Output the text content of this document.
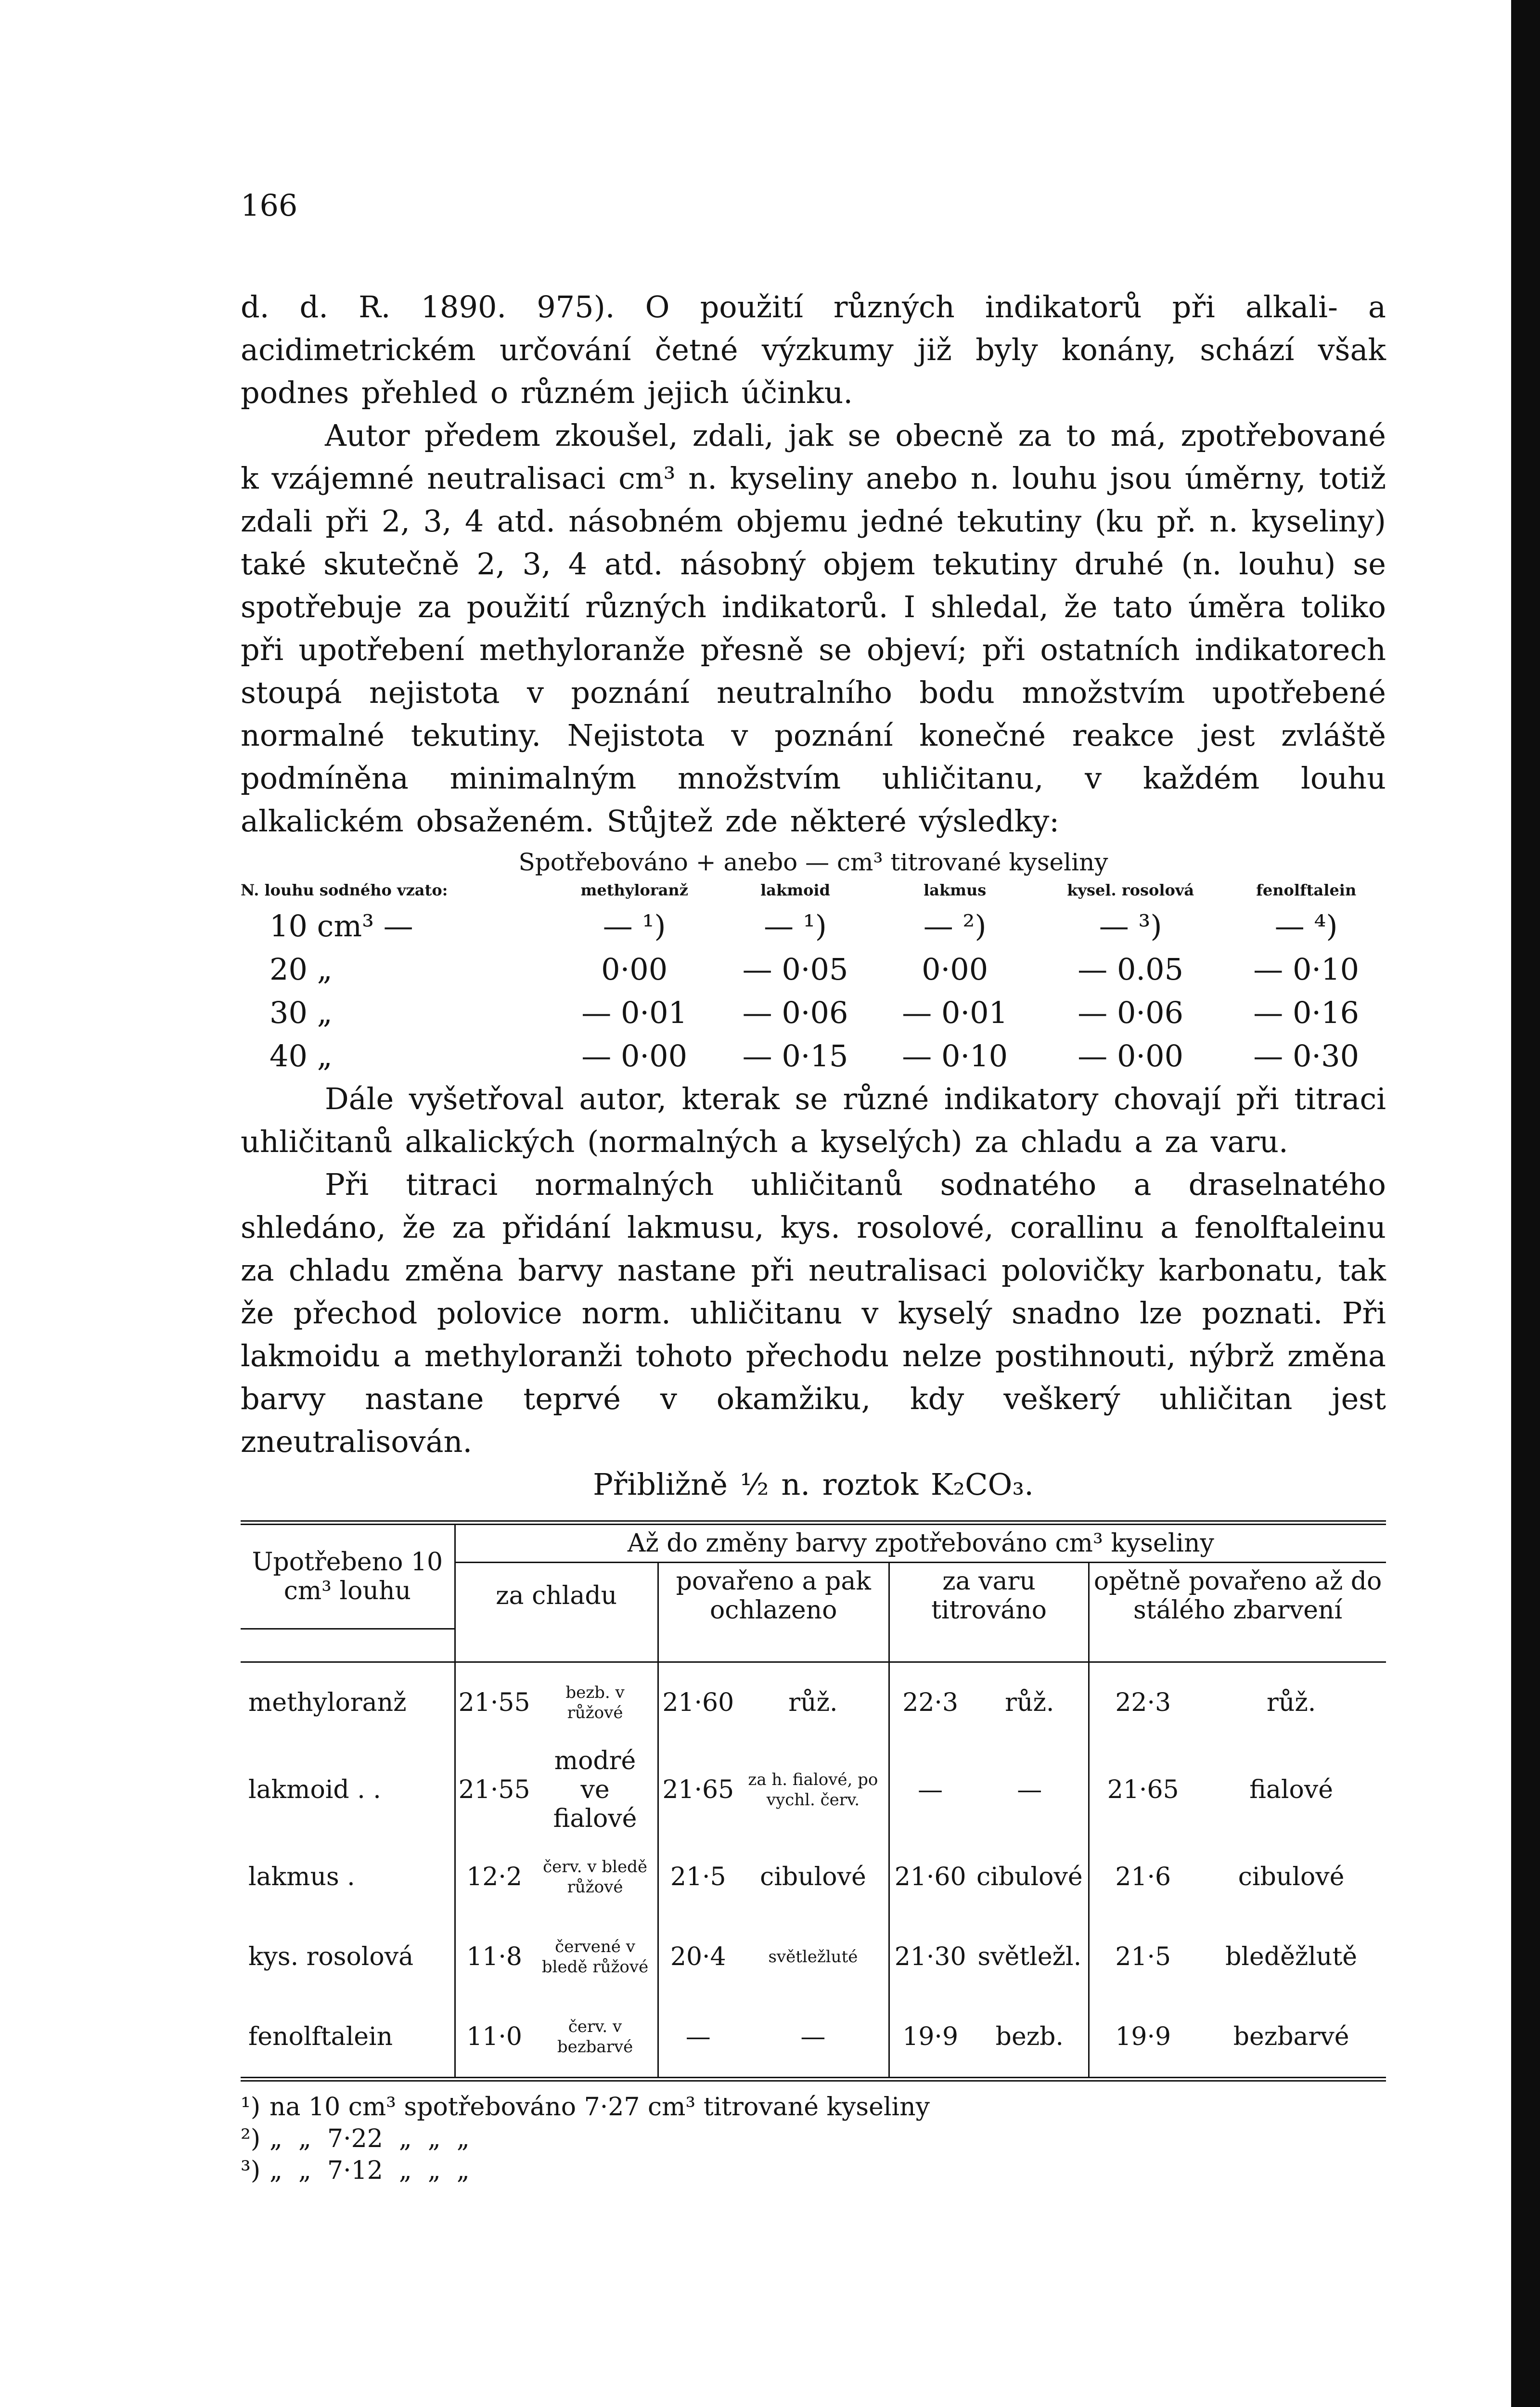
166

d. d. R. 1890. 975). O použití různých indikatorů při alkali- a acidimetrickém určování četné výzkumy již byly konány, schází však podnes přehled o různém jejich účinku.

Autor předem zkoušel, zdali, jak se obecně za to má, zpotřebované k vzájemné neutralisaci cm³ n. kyseliny anebo n. louhu jsou úměrny, totiž zdali při 2, 3, 4 atd. násobném objemu jedné tekutiny (ku př. n. kyseliny) také skutečně 2, 3, 4 atd. násobný objem tekutiny druhé (n. louhu) se spotřebuje za použití různých indikatorů. I shledal, že tato úměra toliko při upotřebení methyloranže přesně se objeví; při ostatních indikatorech stoupá nejistota v poznání neutralního bodu množstvím upotřebené normalné tekutiny. Nejistota v poznání konečné reakce jest zvláště podmíněna minimalným množstvím uhličitanu, v každém louhu alkalickém obsaženém. Stůjtež zde některé výsledky:

Spotřebováno + anebo — cm³ titrované kyseliny
N. louhu sodného vzato:	methyloranž	lakmoid	lakmus	kysel. rosolová	fenolftalein
10 cm³ —	— ¹)	— ¹)	— ²)	— ³)	— ⁴)
20 „	0·00	— 0·05	0·00	— 0.05	— 0·10
30 „	— 0·01	— 0·06	— 0·01	— 0·06	— 0·16
40 „	— 0·00	— 0·15	— 0·10	— 0·00	— 0·30

Dále vyšetřoval autor, kterak se různé indikatory chovají při titraci uhličitanů alkalických (normalných a kyselých) za chladu a za varu.

Při titraci normalných uhličitanů sodnatého a draselnatého shledáno, že za přidání lakmusu, kys. rosolové, corallinu a fenolftaleinu za chladu změna barvy nastane při neutralisaci polovičky karbonatu, tak že přechod polovice norm. uhličitanu v kyselý snadno lze poznati. Při lakmoidu a methyloranži tohoto přechodu nelze postihnouti, nýbrž změna barvy nastane teprvé v okamžiku, kdy veškerý uhličitan jest zneutralisován.

Přibližně ½ n. roztok K₂CO₃.

Upotřebeno 10 cm³ louhu	Až do změny barvy zpotřebováno cm³ kyseliny							
	za chladu		povařeno a pak ochlazeno		za varu titrováno		opětně povařeno až do stálého zbarvení	

methyloranž	21·55	bezb. v růžové	21·60	růž.	22·3	růž.	22·3	růž.
lakmoid . .	21·55	modré ve fialové	21·65	za h. fialové, po vychl. červ.	—	—	21·65	fialové
lakmus .	12·2	červ. v bledě růžové	21·5	cibulové	21·60	cibulové	21·6	cibulové
kys. rosolová	11·8	červené v bledě růžové	20·4	světležluté	21·30	světležl.	21·5	bleděžlutě
fenolftalein	11·0	červ. v bezbarvé	—	—	19·9	bezb.	19·9	bezbarvé
¹) na 10 cm³ spotřebováno 7·27 cm³ titrované kyseliny
²) „  „  7·22  „  „  „
³) „  „  7·12  „  „  „
